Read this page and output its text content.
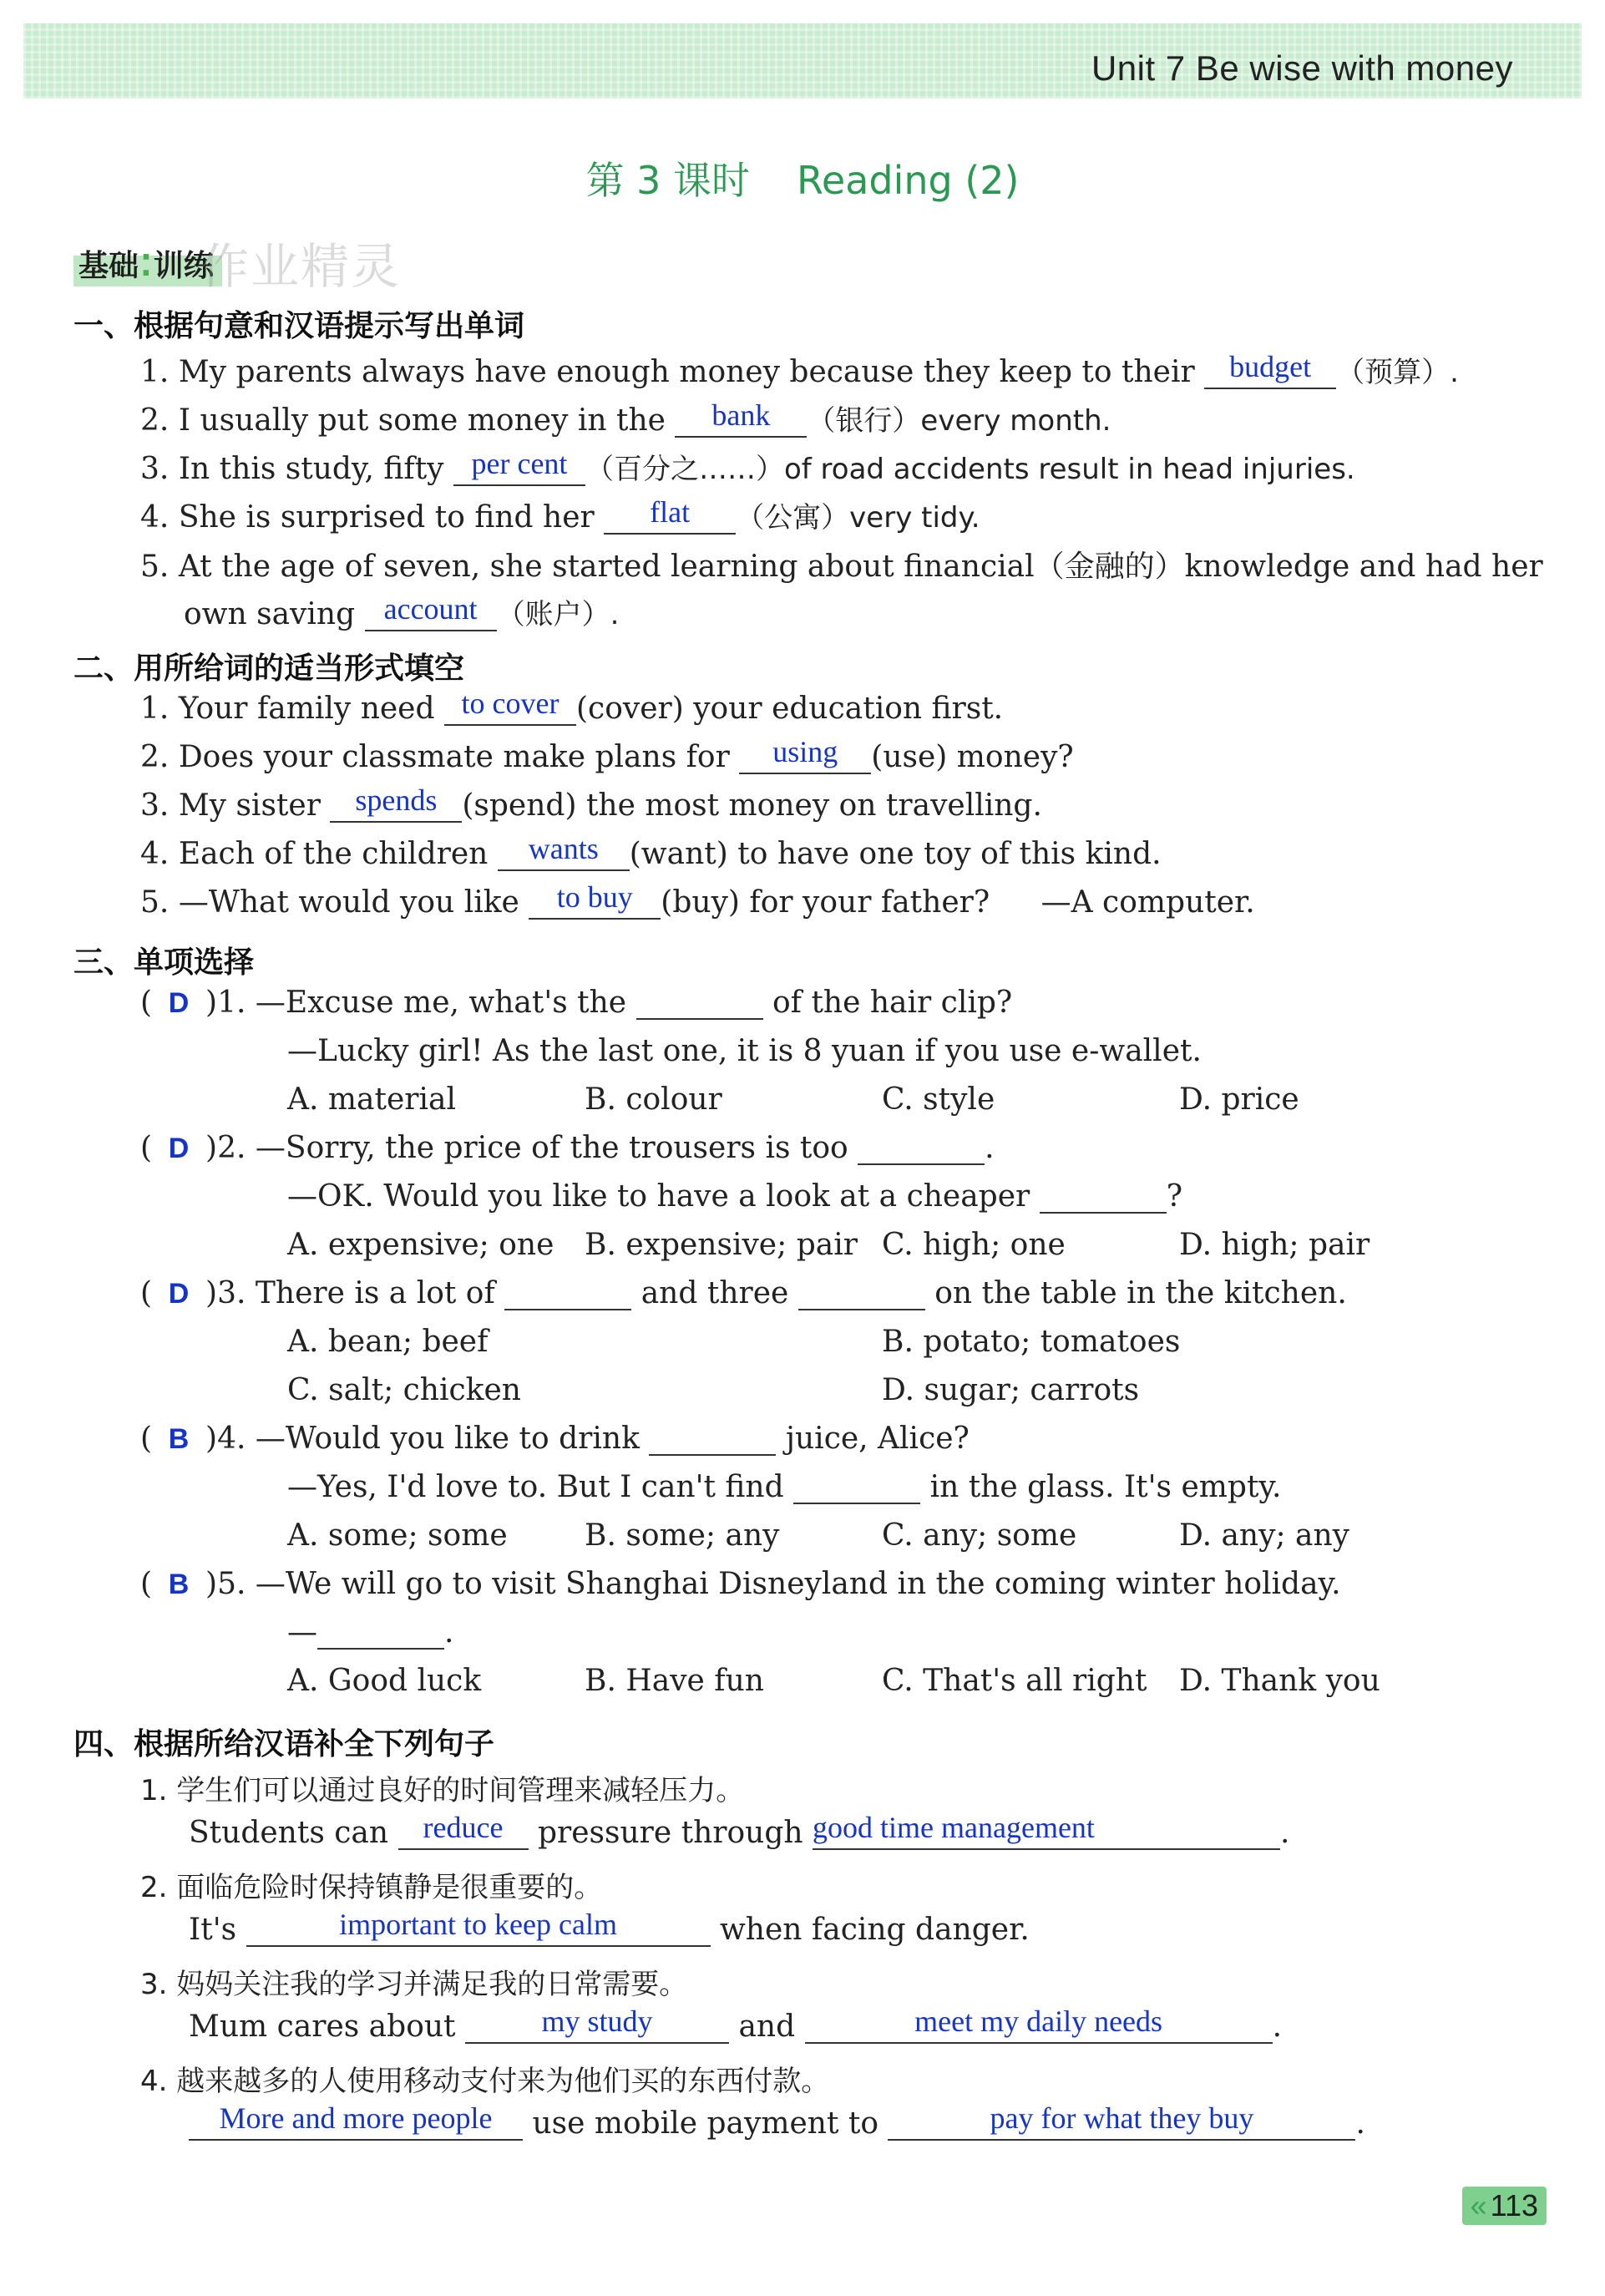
Unit 7 Be wise with money
第 3 课时 Reading (2)
基础⁚训练
作业精灵
一、根据句意和汉语提示写出单词
1. My parents always have enough money because they keep to their budget （预算）.
2. I usually put some money in the bank （银行）every month.
3. In this study, fifty per cent （百分之……）of road accidents result in head injuries.
4. She is surprised to find her flat （公寓）very tidy.
5. At the age of seven, she started learning about financial（金融的）knowledge and had her
own saving account （账户）.
二、用所给词的适当形式填空
1. Your family need to cover (cover) your education first.
2. Does your classmate make plans for using (use) money?
3. My sister spends (spend) the most money on travelling.
4. Each of the children wants (want) to have one toy of this kind.
5. —What would you like to buy (buy) for your father? —A computer.
三、单项选择
( D )1. —Excuse me, what's the	of the hair clip?
—Lucky girl! As the last one, it is 8 yuan if you use e-wallet.
A. material	B. colour	C. style	D. price
( D )2. —Sorry, the price of the trousers is too	.
—OK. Would you like to have a look at a cheaper	?
A. expensive; one B. expensive; pair C. high; one	D. high; pair
( D )3. There is a lot of	and three	on the table in the kitchen.
A. bean; beef	B. potato; tomatoes
C. salt; chicken	D. sugar; carrots
( B )4. —Would you like to drink	juice, Alice?
—Yes, I'd love to. But I can't find	in the glass. It's empty.
A. some; some	B. some; any	C. any; some	D. any; any
( B )5. —We will go to visit Shanghai Disneyland in the coming winter holiday.
—	.
A. Good luck	B. Have fun	C. That's all right D. Thank you
四、根据所给汉语补全下列句子
1. 学生们可以通过良好的时间管理来减轻压力。
Students can reduce pressure through good time management	.
2. 面临危险时保持镇静是很重要的。
It's	important to keep calm	when facing danger.
3. 妈妈关注我的学习并满足我的日常需要。
Mum cares about	my study	and	meet my daily needs	.
4. 越来越多的人使用移动支付来为他们买的东西付款。
More and more people use mobile payment to	pay for what they buy	.
« 113
